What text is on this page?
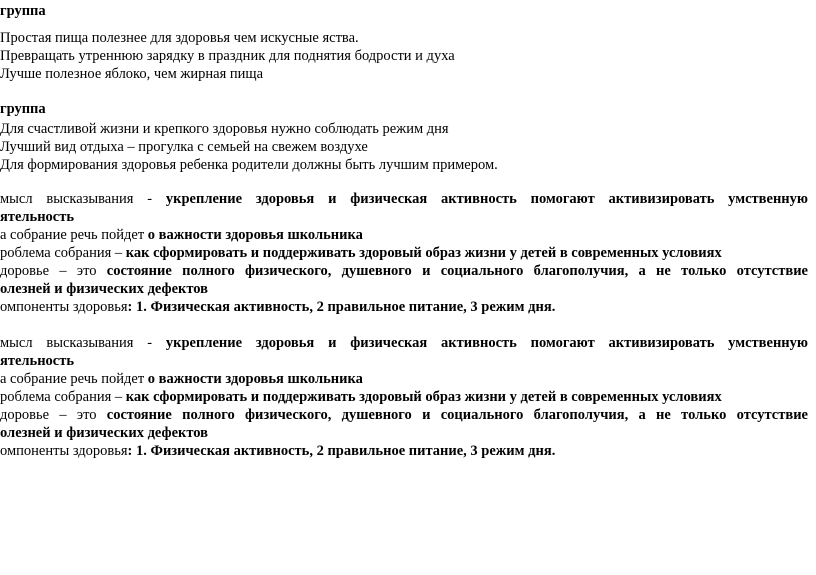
группа
Простая пища полезнее для здоровья чем искусные яства.
Превращать утреннюю зарядку в праздник для поднятия бодрости и духа
Лучше полезное яблоко, чем жирная пища
группа
Для счастливой жизни и крепкого здоровья нужно соблюдать режим дня
Лучший вид отдыха – прогулка с семьей на свежем воздухе
Для формирования здоровья ребенка родители должны быть лучшим примером.
мысл высказывания - укрепление здоровья и физическая активность помогают активизировать умственную
ятельность
а собрание речь пойдет о важности здоровья школьника
роблема собрания – как сформировать и поддерживать здоровый образ жизни у детей в современных условиях
доровье – это состояние полного физического, душевного и социального благополучия, а не только отсутствие
олезней и физических дефектов
омпоненты здоровья: 1. Физическая активность, 2 правильное питание, 3 режим дня.
мысл высказывания - укрепление здоровья и физическая активность помогают активизировать умственную
ятельность
а собрание речь пойдет о важности здоровья школьника
роблема собрания – как сформировать и поддерживать здоровый образ жизни у детей в современных условиях
доровье – это состояние полного физического, душевного и социального благополучия, а не только отсутствие
олезней и физических дефектов
омпоненты здоровья: 1. Физическая активность, 2 правильное питание, 3 режим дня.
